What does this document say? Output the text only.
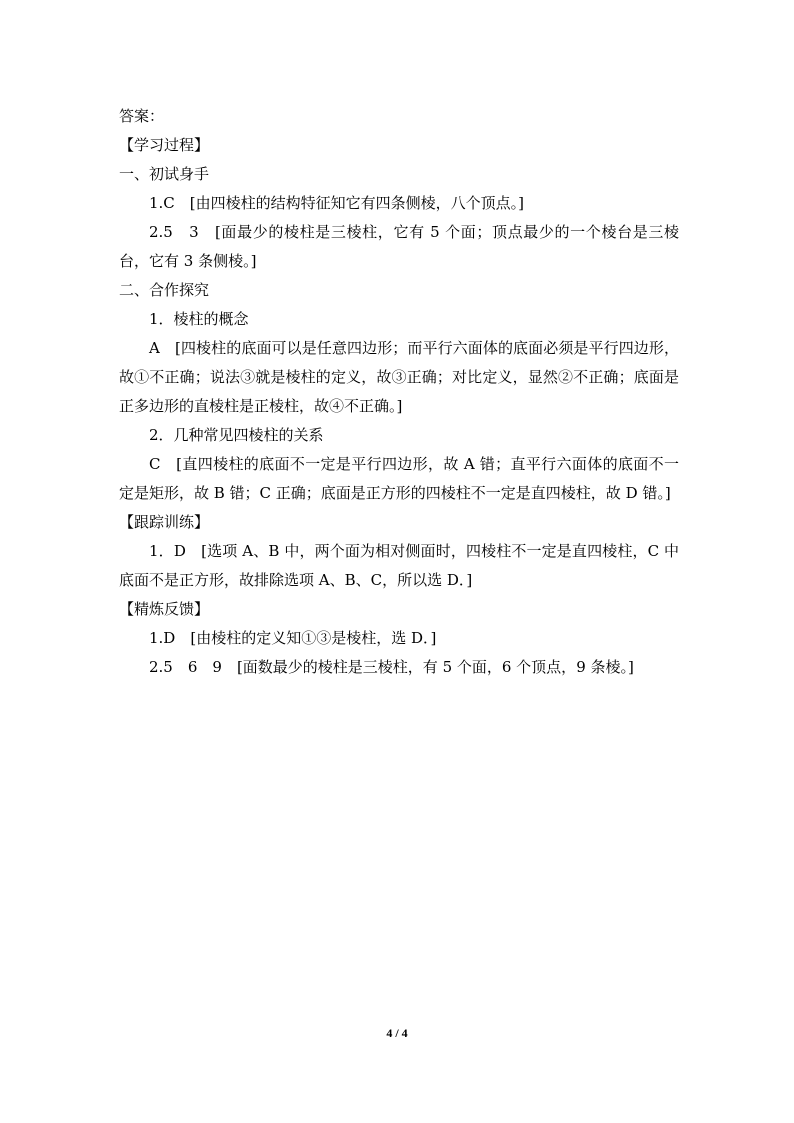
答案：
【学习过程】
一、初试身手
1.C　[由四棱柱的结构特征知它有四条侧棱，八个顶点。]
2.5　3　[面最少的棱柱是三棱柱，它有 5 个面；顶点最少的一个棱台是三棱台，它有 3 条侧棱。]
二、合作探究
1．棱柱的概念
A　[四棱柱的底面可以是任意四边形；而平行六面体的底面必须是平行四边形，故①不正确；说法③就是棱柱的定义，故③正确；对比定义，显然②不正确；底面是正多边形的直棱柱是正棱柱，故④不正确。]
2．几种常见四棱柱的关系
C　[直四棱柱的底面不一定是平行四边形，故 A 错；直平行六面体的底面不一定是矩形，故 B 错；C 正确；底面是正方形的四棱柱不一定是直四棱柱，故 D 错。]
【跟踪训练】
1．D　[选项 A、B 中，两个面为相对侧面时，四棱柱不一定是直四棱柱，C 中底面不是正方形，故排除选项 A、B、C，所以选 D．]
【精炼反馈】
1.D　[由棱柱的定义知①③是棱柱，选 D．]
2.5　6　9　[面数最少的棱柱是三棱柱，有 5 个面，6 个顶点，9 条棱。]
4 / 4
